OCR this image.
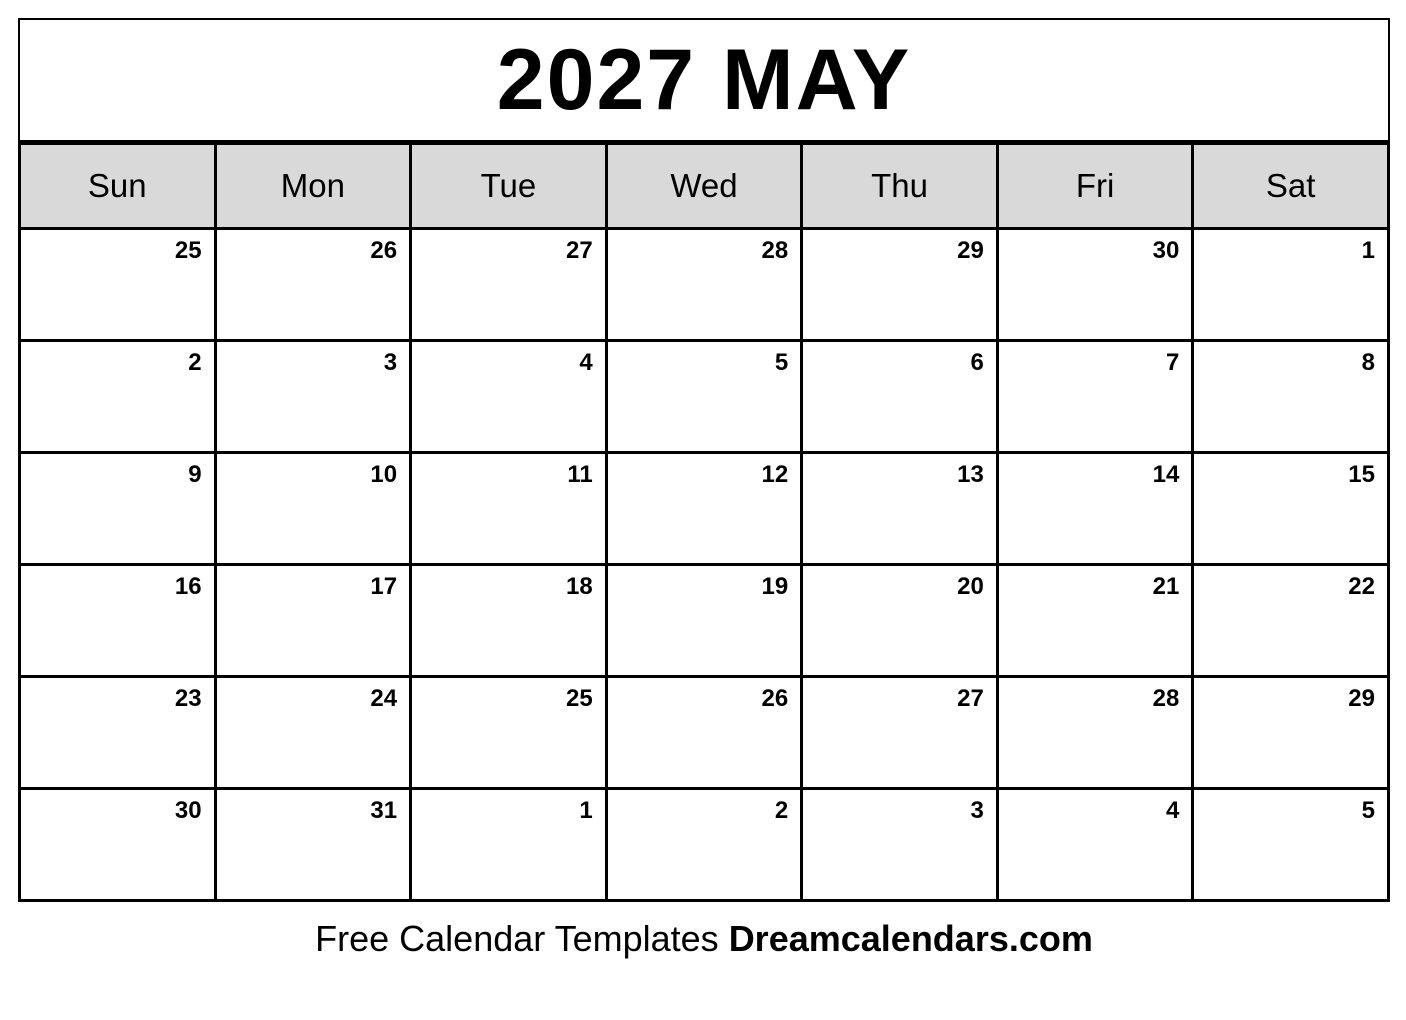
2027 MAY
Sun	Mon	Tue	Wed	Thu	Fri	Sat
25	26	27	28	29	30	1
2	3	4	5	6	7	8
9	10	11	12	13	14	15
16	17	18	19	20	21	22
23	24	25	26	27	28	29
30	31	1	2	3	4	5
Free Calendar Templates Dreamcalendars.com
